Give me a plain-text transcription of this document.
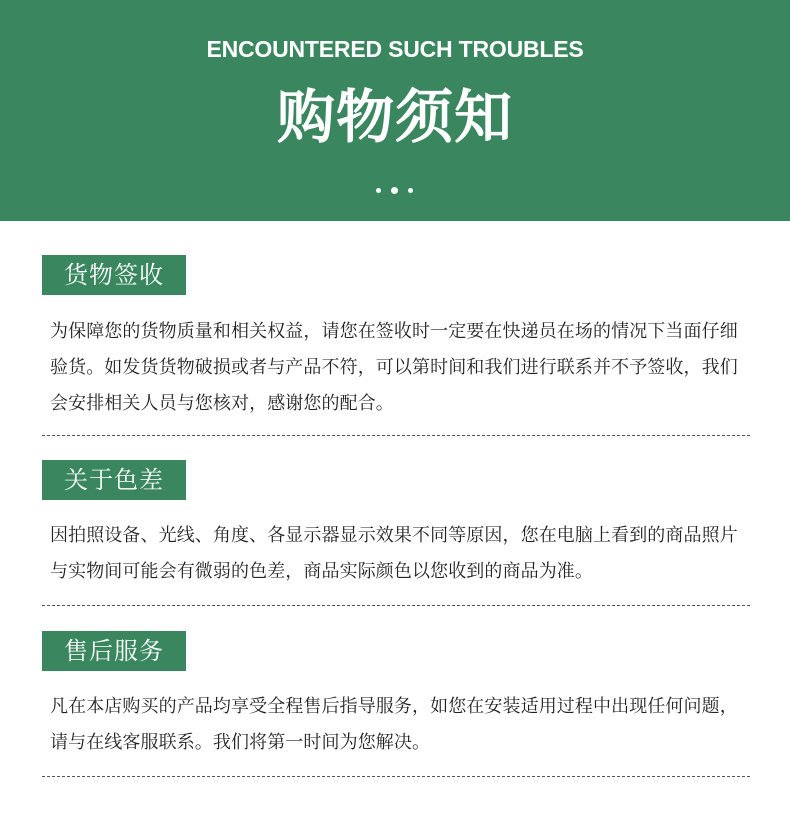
ENCOUNTERED SUCH TROUBLES
购物须知
货物签收
为保障您的货物质量和相关权益，请您在签收时一定要在快递员在场的情况下当面仔细验货。如发货货物破损或者与产品不符，可以第时间和我们进行联系并不予签收，我们会安排相关人员与您核对，感谢您的配合。
关于色差
因拍照设备、光线、角度、各显示器显示效果不同等原因，您在电脑上看到的商品照片与实物间可能会有微弱的色差，商品实际颜色以您收到的商品为准。
售后服务
凡在本店购买的产品均享受全程售后指导服务，如您在安装适用过程中出现任何问题，请与在线客服联系。我们将第一时间为您解决。
